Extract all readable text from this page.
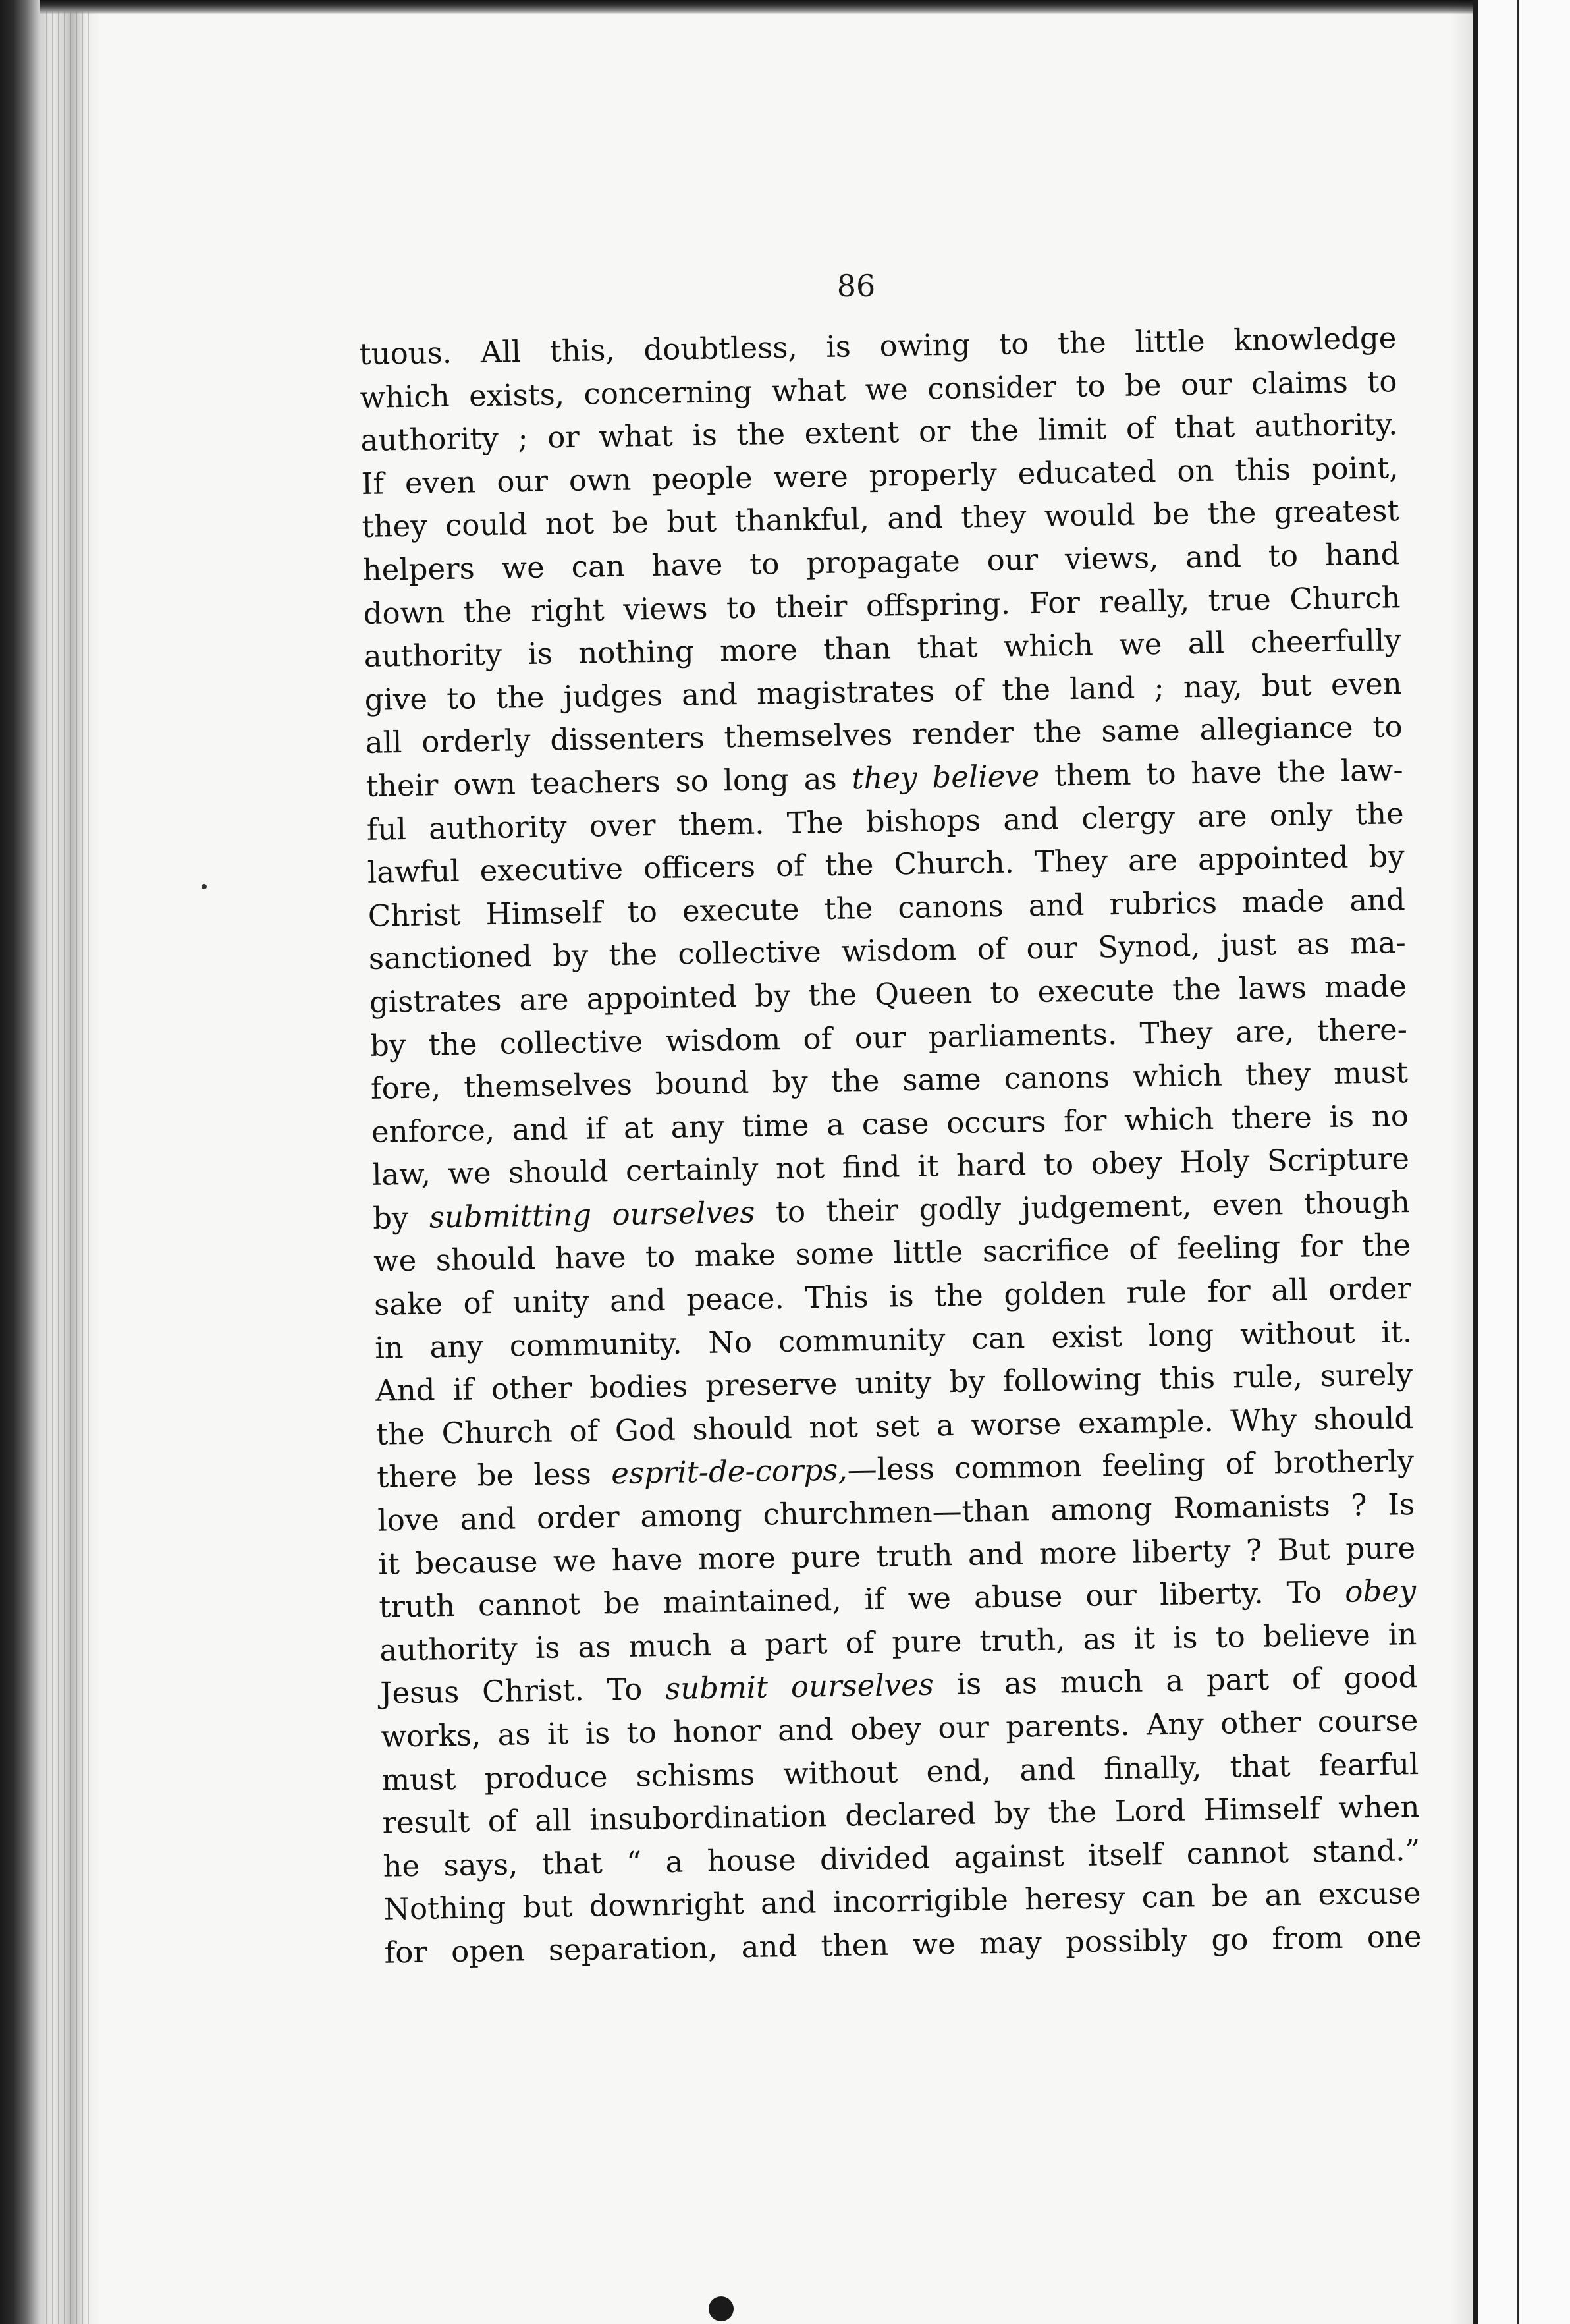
86
tuous. All this, doubtless, is owing to the little knowledge
which exists, concerning what we consider to be our claims to
authority ; or what is the extent or the limit of that authority.
If even our own people were properly educated on this point,
they could not be but thankful, and they would be the greatest
helpers we can have to propagate our views, and to hand
down the right views to their offspring. For really, true Church
authority is nothing more than that which we all cheerfully
give to the judges and magistrates of the land ; nay, but even
all orderly dissenters themselves render the same allegiance to
their own teachers so long as they believe them to have the law-
ful authority over them. The bishops and clergy are only the
lawful executive officers of the Church. They are appointed by
Christ Himself to execute the canons and rubrics made and
sanctioned by the collective wisdom of our Synod, just as ma-
gistrates are appointed by the Queen to execute the laws made
by the collective wisdom of our parliaments. They are, there-
fore, themselves bound by the same canons which they must
enforce, and if at any time a case occurs for which there is no
law, we should certainly not find it hard to obey Holy Scripture
by submitting ourselves to their godly judgement, even though
we should have to make some little sacrifice of feeling for the
sake of unity and peace. This is the golden rule for all order
in any community. No community can exist long without it.
And if other bodies preserve unity by following this rule, surely
the Church of God should not set a worse example. Why should
there be less esprit-de-corps,—less common feeling of brotherly
love and order among churchmen—than among Romanists ? Is
it because we have more pure truth and more liberty ? But pure
truth cannot be maintained, if we abuse our liberty. To obey
authority is as much a part of pure truth, as it is to believe in
Jesus Christ. To submit ourselves is as much a part of good
works, as it is to honor and obey our parents. Any other course
must produce schisms without end, and finally, that fearful
result of all insubordination declared by the Lord Himself when
he says, that “ a house divided against itself cannot stand.”
Nothing but downright and incorrigible heresy can be an excuse
for open separation, and then we may possibly go from one
